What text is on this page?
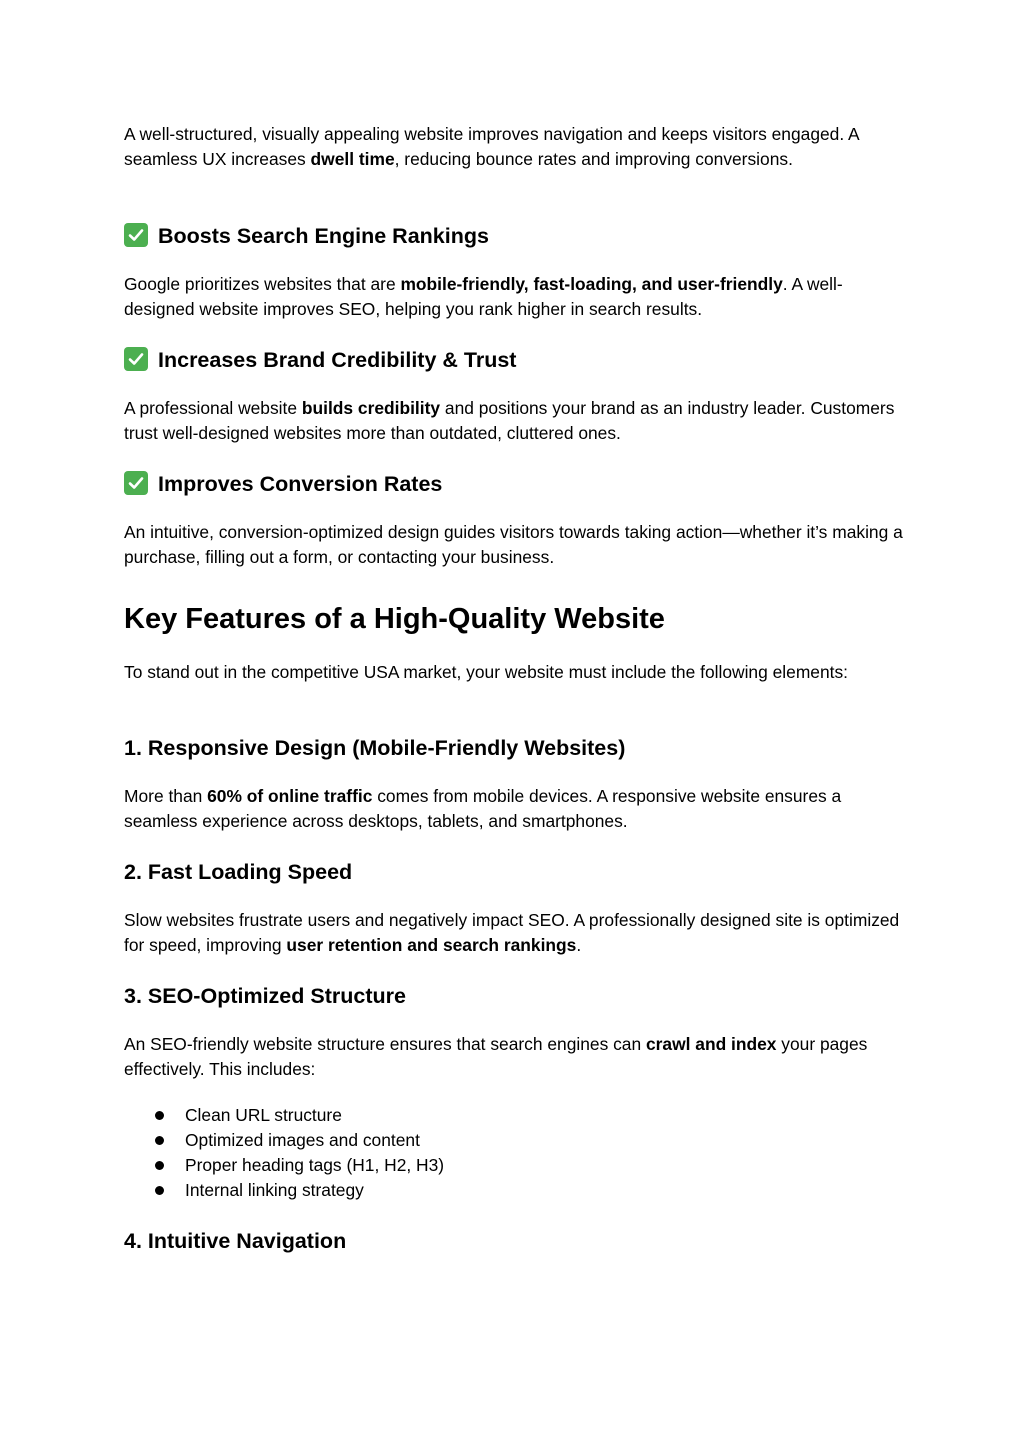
A well-structured, visually appealing website improves navigation and keeps visitors engaged. A seamless UX increases dwell time, reducing bounce rates and improving conversions.

Boosts Search Engine Rankings

Google prioritizes websites that are mobile-friendly, fast-loading, and user-friendly. A well-designed website improves SEO, helping you rank higher in search results.

Increases Brand Credibility & Trust

A professional website builds credibility and positions your brand as an industry leader. Customers trust well-designed websites more than outdated, cluttered ones.

Improves Conversion Rates

An intuitive, conversion-optimized design guides visitors towards taking action—whether it’s making a purchase, filling out a form, or contacting your business.

Key Features of a High-Quality Website

To stand out in the competitive USA market, your website must include the following elements:

1. Responsive Design (Mobile-Friendly Websites)

More than 60% of online traffic comes from mobile devices. A responsive website ensures a seamless experience across desktops, tablets, and smartphones.

2. Fast Loading Speed

Slow websites frustrate users and negatively impact SEO. A professionally designed site is optimized for speed, improving user retention and search rankings.

3. SEO-Optimized Structure

An SEO-friendly website structure ensures that search engines can crawl and index your pages effectively. This includes:

Clean URL structure
Optimized images and content
Proper heading tags (H1, H2, H3)
Internal linking strategy
4. Intuitive Navigation
